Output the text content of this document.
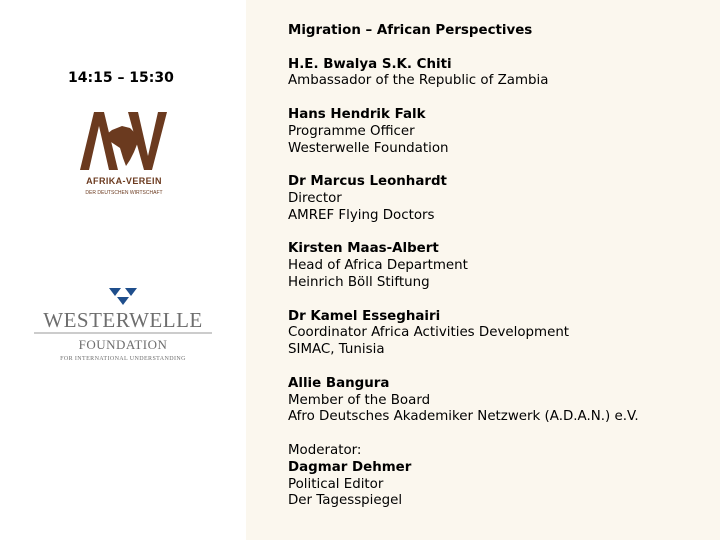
14:15 – 15:30
AFRIKA-VEREIN
DER DEUTSCHEN WIRTSCHAFT
WESTERWELLE
FOUNDATION
FOR INTERNATIONAL UNDERSTANDING
Migration – African Perspectives
H.E. Bwalya S.K. Chiti
Ambassador of the Republic of Zambia
Hans Hendrik Falk
Programme Officer
Westerwelle Foundation
Dr Marcus Leonhardt
Director
AMREF Flying Doctors
Kirsten Maas-Albert
Head of Africa Department
Heinrich Böll Stiftung
Dr Kamel Esseghairi
Coordinator Africa Activities Development
SIMAC, Tunisia
Allie Bangura
Member of the Board
Afro Deutsches Akademiker Netzwerk (A.D.A.N.) e.V.
Moderator:
Dagmar Dehmer
Political Editor
Der Tagesspiegel
